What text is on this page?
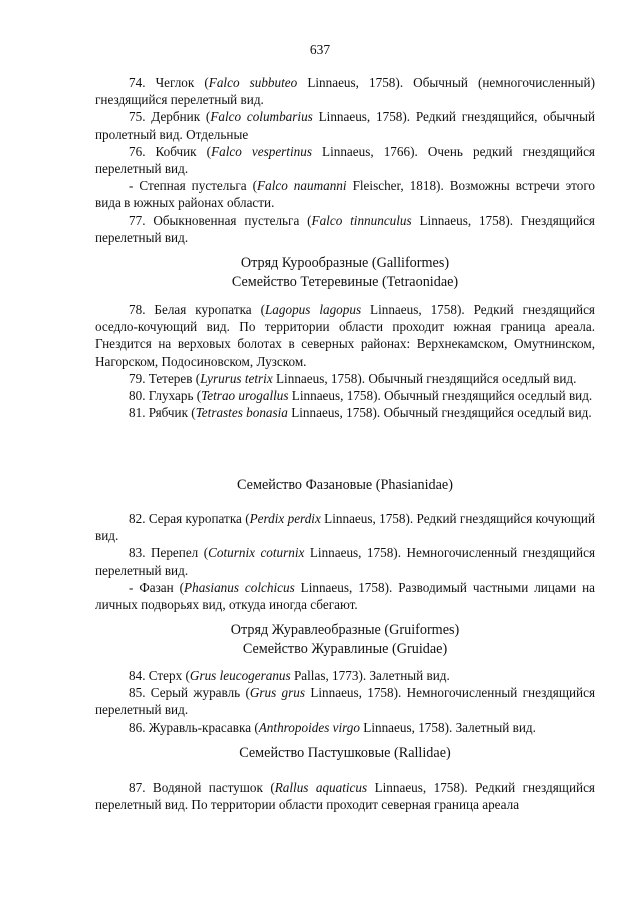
637

74. Чеглок (Falco subbuteo Linnaeus, 1758). Обычный (немногочисленный) гнездящийся перелетный вид.

75. Дербник (Falco columbarius Linnaeus, 1758). Редкий гнездящийся, обычный пролетный вид. Отдельные

76. Кобчик (Falco vespertinus Linnaeus, 1766). Очень редкий гнездящийся перелетный вид.

- Степная пустельга (Falco naumanni Fleischer, 1818). Возможны встречи этого вида в южных районах области.

77. Обыкновенная пустельга (Falco tinnunculus Linnaeus, 1758). Гнездящийся перелетный вид.

Отряд Курообразные (Galliformes)

Семейство Тетеревиные (Tetraonidae)

78. Белая куропатка (Lagopus lagopus Linnaeus, 1758). Редкий гнездящийся оседло-кочующий вид. По территории области проходит южная граница ареала. Гнездится на верховых болотах в северных районах: Верхнекамском, Омутнинском, Нагорском, Подосиновском, Лузском.

79. Тетерев (Lyrurus tetrix Linnaeus, 1758). Обычный гнездящийся оседлый вид.

80. Глухарь (Tetrao urogallus Linnaeus, 1758). Обычный гнездящийся оседлый вид.

81. Рябчик (Tetrastes bonasia Linnaeus, 1758). Обычный гнездящийся оседлый вид.

Семейство Фазановые (Phasianidae)

82. Серая куропатка (Perdix perdix Linnaeus, 1758). Редкий гнездящийся кочующий вид.

83. Перепел (Coturnix coturnix Linnaeus, 1758). Немногочисленный гнездящийся перелетный вид.

- Фазан (Phasianus colchicus Linnaeus, 1758). Разводимый частными лицами на личных подворьях вид, откуда иногда сбегают.

Отряд Журавлеобразные (Gruiformes)

Семейство Журавлиные (Gruidae)

84. Стерх (Grus leucogeranus Pallas, 1773). Залетный вид.

85. Серый журавль (Grus grus Linnaeus, 1758). Немногочисленный гнездящийся перелетный вид.

86. Журавль-красавка (Anthropoides virgo Linnaeus, 1758). Залетный вид.

Семейство Пастушковые (Rallidae)

87. Водяной пастушок (Rallus aquaticus Linnaeus, 1758). Редкий гнездящийся перелетный вид. По территории области проходит северная граница ареала
